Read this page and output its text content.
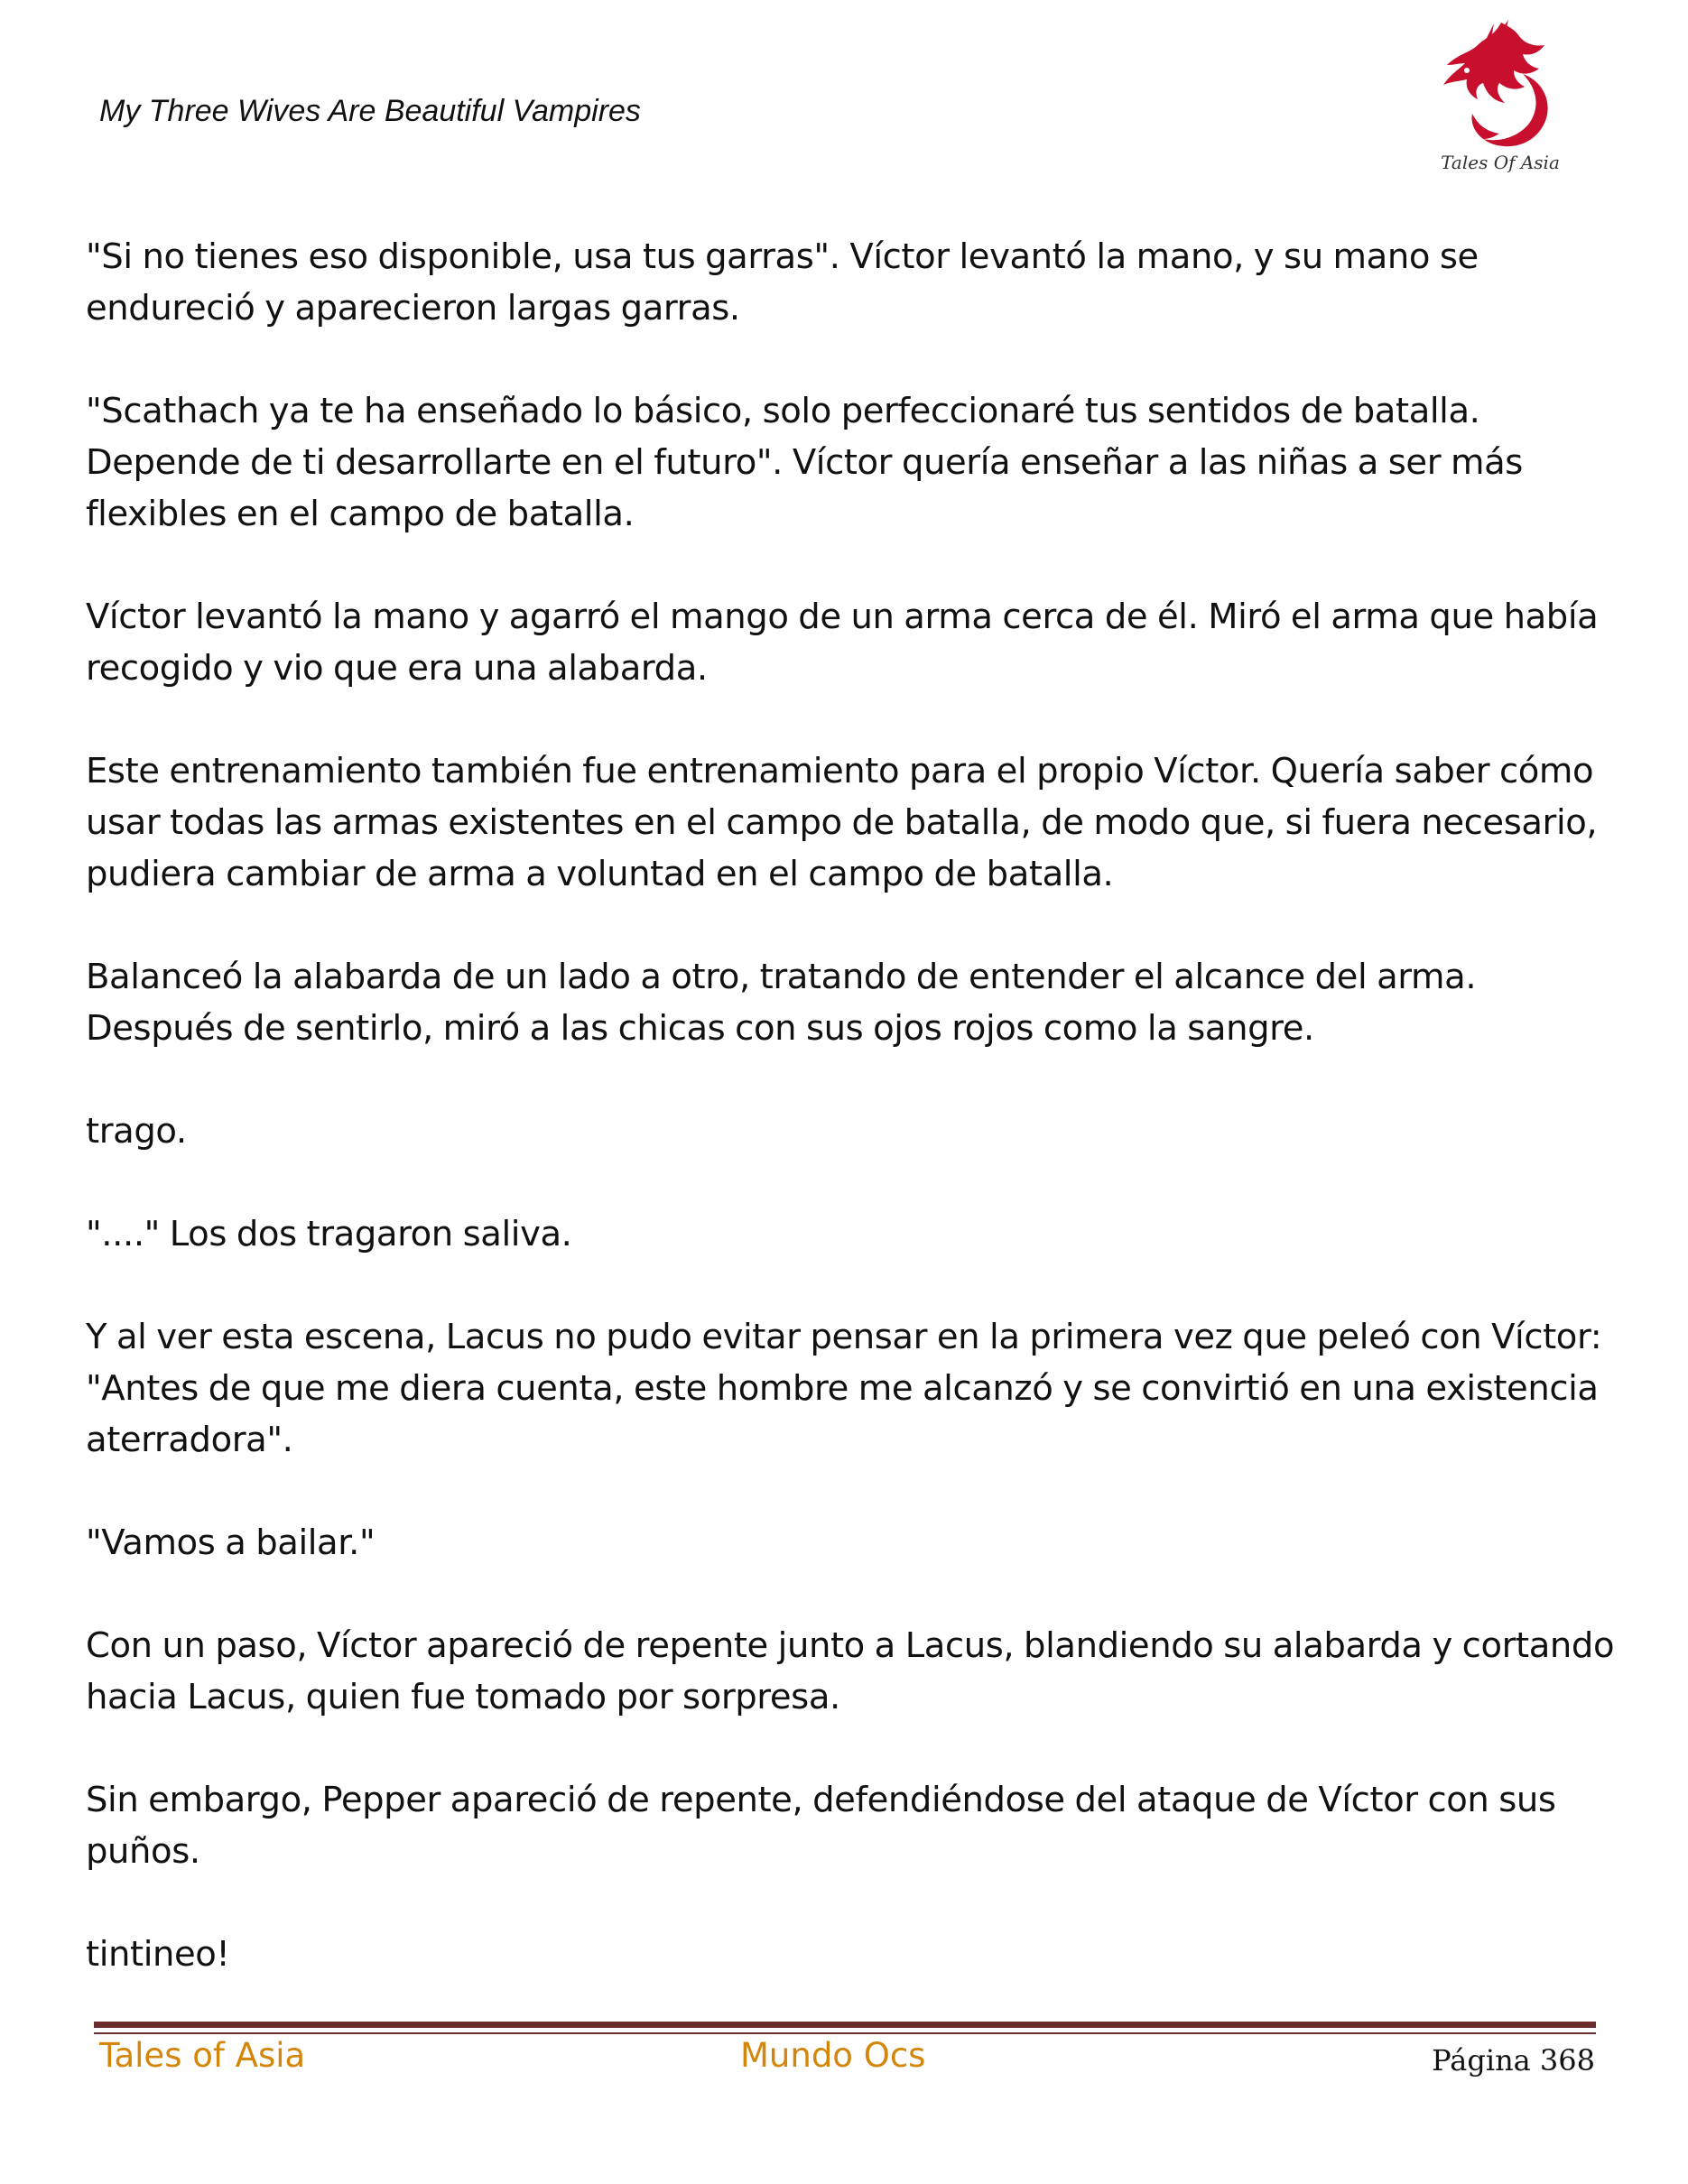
My Three Wives Are Beautiful Vampires
Tales Of Asia

"Si no tienes eso disponible, usa tus garras". Víctor levantó la mano, y su mano se endureció y aparecieron largas garras.

"Scathach ya te ha enseñado lo básico, solo perfeccionaré tus sentidos de batalla. Depende de ti desarrollarte en el futuro". Víctor quería enseñar a las niñas a ser más flexibles en el campo de batalla.

Víctor levantó la mano y agarró el mango de un arma cerca de él. Miró el arma que había recogido y vio que era una alabarda.

Este entrenamiento también fue entrenamiento para el propio Víctor. Quería saber cómo usar todas las armas existentes en el campo de batalla, de modo que, si fuera necesario, pudiera cambiar de arma a voluntad en el campo de batalla.

Balanceó la alabarda de un lado a otro, tratando de entender el alcance del arma. Después de sentirlo, miró a las chicas con sus ojos rojos como la sangre.

trago.

"...." Los dos tragaron saliva.

Y al ver esta escena, Lacus no pudo evitar pensar en la primera vez que peleó con Víctor: "Antes de que me diera cuenta, este hombre me alcanzó y se convirtió en una existencia aterradora".

"Vamos a bailar."

Con un paso, Víctor apareció de repente junto a Lacus, blandiendo su alabarda y cortando hacia Lacus, quien fue tomado por sorpresa.

Sin embargo, Pepper apareció de repente, defendiéndose del ataque de Víctor con sus puños.

tintineo!

Tales of Asia	Mundo Ocs	Página 368
